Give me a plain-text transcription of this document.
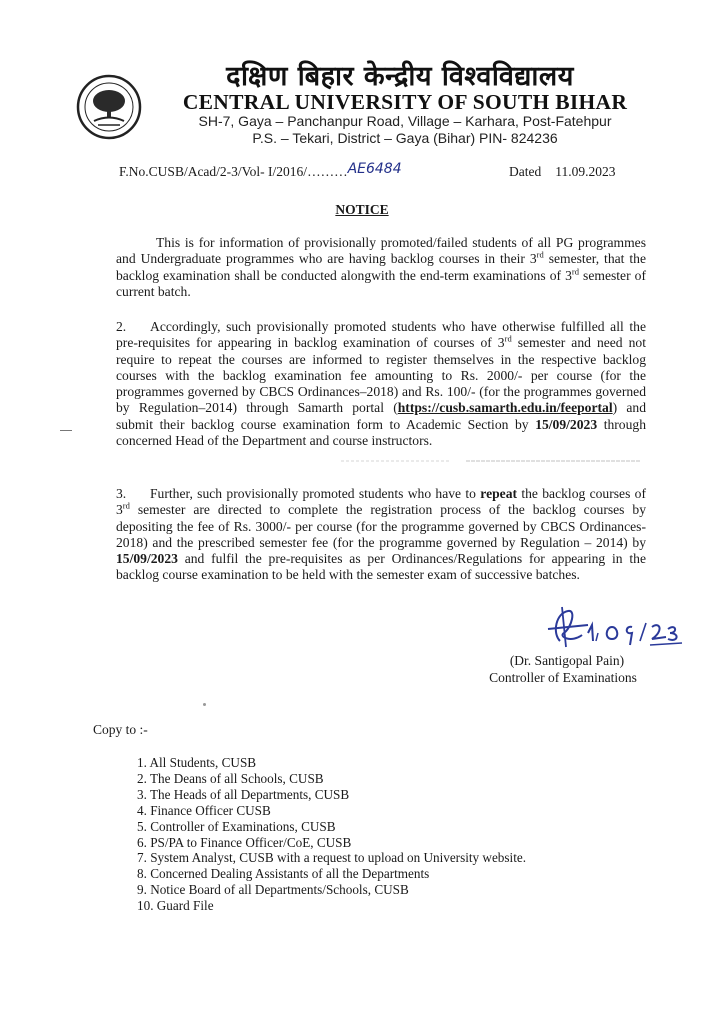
दक्षिण बिहार केन्द्रीय विश्वविद्यालय
CENTRAL UNIVERSITY OF SOUTH BIHAR
SH-7, Gaya – Panchanpur Road, Village – Karhara, Post-Fatehpur
P.S. – Tekari, District – Gaya (Bihar) PIN- 824236
F.No.CUSB/Acad/2-3/Vol- I/2016/………AE6484	Dated 11.09.2023
NOTICE
This is for information of provisionally promoted/failed students of all PG programmes and Undergraduate programmes who are having backlog courses in their 3rd semester, that the backlog examination shall be conducted alongwith the end-term examinations of 3rd semester of current batch.
2. Accordingly, such provisionally promoted students who have otherwise fulfilled all the pre-requisites for appearing in backlog examination of courses of 3rd semester and need not require to repeat the courses are informed to register themselves in the respective backlog courses with the backlog examination fee amounting to Rs. 2000/- per course (for the programmes governed by CBCS Ordinances–2018) and Rs. 100/- (for the programmes governed by Regulation–2014) through Samarth portal (https://cusb.samarth.edu.in/feeportal) and submit their backlog course examination form to Academic Section by 15/09/2023 through concerned Head of the Department and course instructors.
3. Further, such provisionally promoted students who have to repeat the backlog courses of 3rd semester are directed to complete the registration process of the backlog courses by depositing the fee of Rs. 3000/- per course (for the programme governed by CBCS Ordinances- 2018) and the prescribed semester fee (for the programme governed by Regulation – 2014) by 15/09/2023 and fulfil the pre-requisites as per Ordinances/Regulations for appearing in the backlog course examination to be held with the semester exam of successive batches.
(Dr. Santigopal Pain)
Controller of Examinations
Copy to :-
1. All Students, CUSB
2. The Deans of all Schools, CUSB
3. The Heads of all Departments, CUSB
4. Finance Officer CUSB
5. Controller of Examinations, CUSB
6. PS/PA to Finance Officer/CoE, CUSB
7. System Analyst, CUSB with a request to upload on University website.
8. Concerned Dealing Assistants of all the Departments
9. Notice Board of all Departments/Schools, CUSB
10. Guard File
